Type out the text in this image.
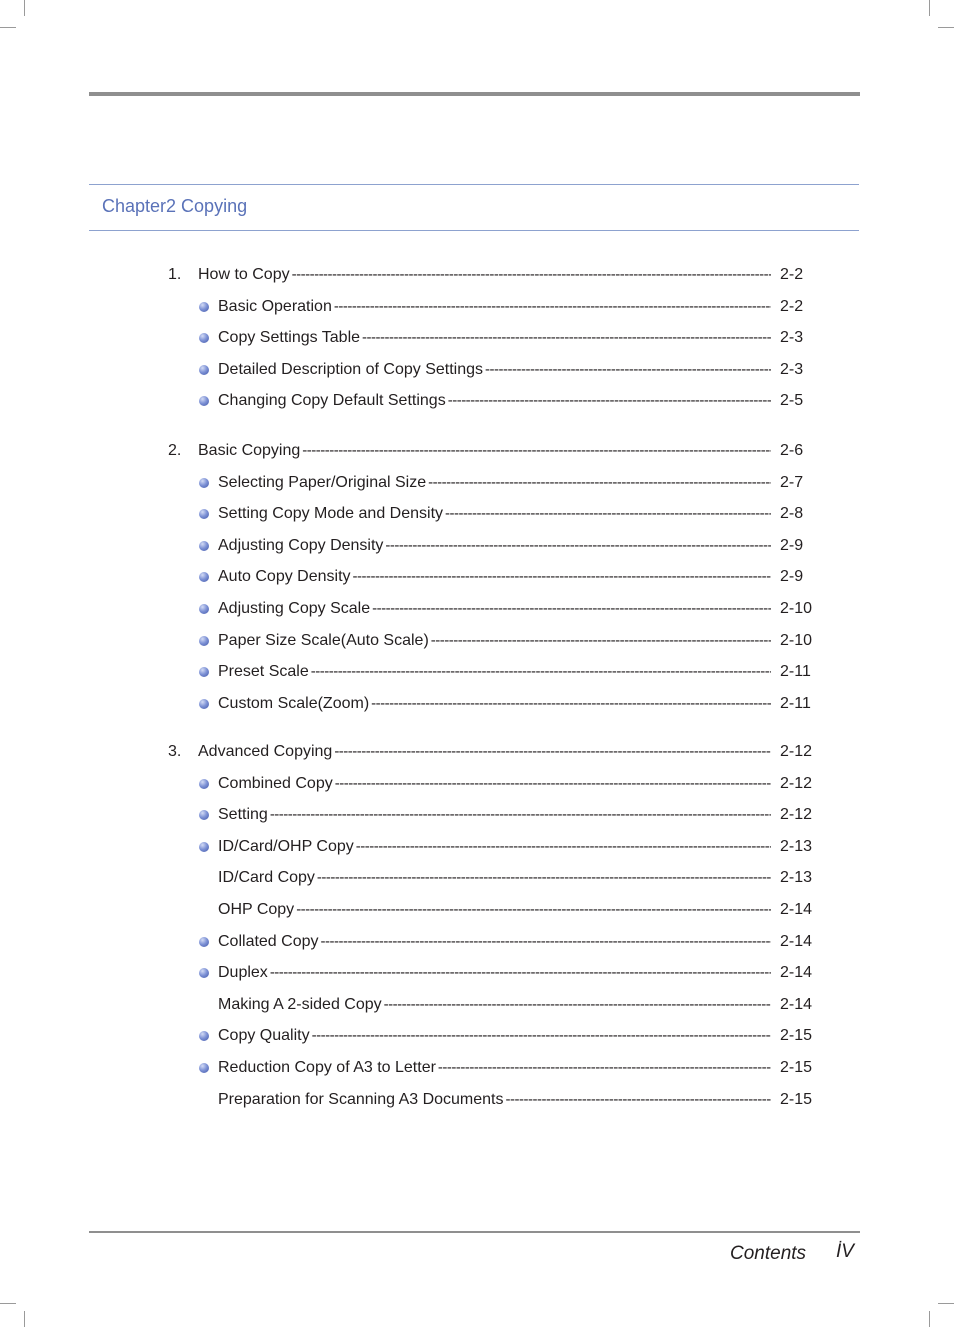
Chapter2 Copying
1. How to Copy -----	2-2
Basic Operation -----	2-2
Copy Settings Table -----	2-3
Detailed Description of Copy Settings -----	2-3
Changing Copy Default Settings -----	2-5
2. Basic Copying -----	2-6
Selecting Paper/Original Size -----	2-7
Setting Copy Mode and Density -----	2-8
Adjusting Copy Density -----	2-9
Auto Copy Density -----	2-9
Adjusting Copy Scale -----	2-10
Paper Size Scale(Auto Scale) -----	2-10
Preset Scale -----	2-11
Custom Scale(Zoom) -----	2-11
3. Advanced Copying -----	2-12
Combined Copy -----	2-12
Setting -----	2-12
ID/Card/OHP Copy -----	2-13
ID/Card Copy -----	2-13
OHP Copy -----	2-14
Collated Copy -----	2-14
Duplex -----	2-14
Making A 2-sided Copy -----	2-14
Copy Quality -----	2-15
Reduction Copy of A3 to Letter -----	2-15
Preparation for Scanning A3 Documents -----	2-15
Contents İV
